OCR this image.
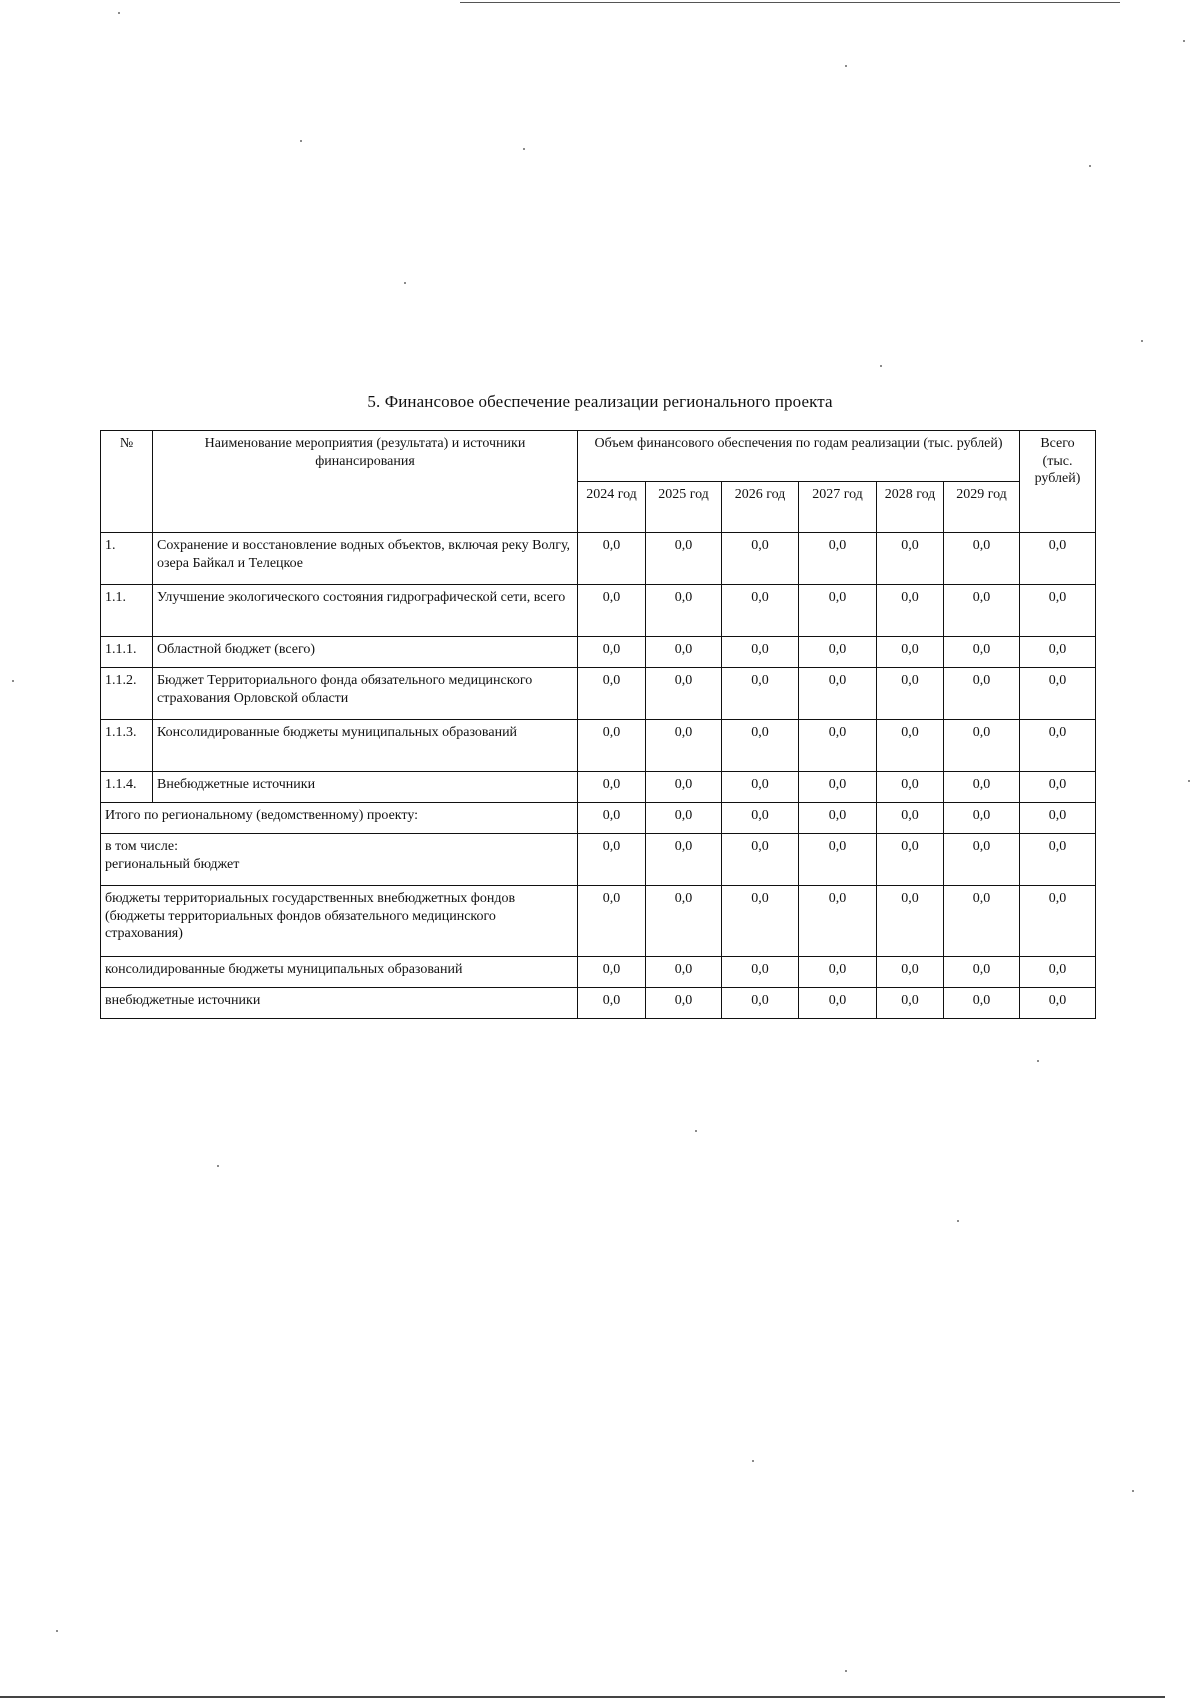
5. Финансовое обеспечение реализации регионального проекта
№	Наименование мероприятия (результата) и источники финансирования	Объем финансового обеспечения по годам реализации (тыс. рублей)						Всего (тыс. рублей)
		2024 год	2025 год	2026 год	2027 год	2028 год	2029 год	
1.	Сохранение и восстановление водных объектов, включая реку Волгу, озера Байкал и Телецкое	0,0	0,0	0,0	0,0	0,0	0,0	0,0
1.1.	Улучшение экологического состояния гидрографической сети, всего	0,0	0,0	0,0	0,0	0,0	0,0	0,0
1.1.1.	Областной бюджет (всего)	0,0	0,0	0,0	0,0	0,0	0,0	0,0
1.1.2.	Бюджет Территориального фонда обязательного медицинского страхования Орловской области	0,0	0,0	0,0	0,0	0,0	0,0	0,0
1.1.3.	Консолидированные бюджеты муниципальных образований	0,0	0,0	0,0	0,0	0,0	0,0	0,0
1.1.4.	Внебюджетные источники	0,0	0,0	0,0	0,0	0,0	0,0	0,0
Итого по региональному (ведомственному) проекту:		0,0	0,0	0,0	0,0	0,0	0,0	0,0

в том числе:
региональный бюджет		0,0	0,0	0,0	0,0	0,0	0,0	0,0
бюджеты территориальных государственных внебюджетных фондов (бюджеты территориальных фондов обязательного медицинского страхования)		0,0	0,0	0,0	0,0	0,0	0,0	0,0
консолидированные бюджеты муниципальных образований		0,0	0,0	0,0	0,0	0,0	0,0	0,0
внебюджетные источники		0,0	0,0	0,0	0,0	0,0	0,0	0,0
